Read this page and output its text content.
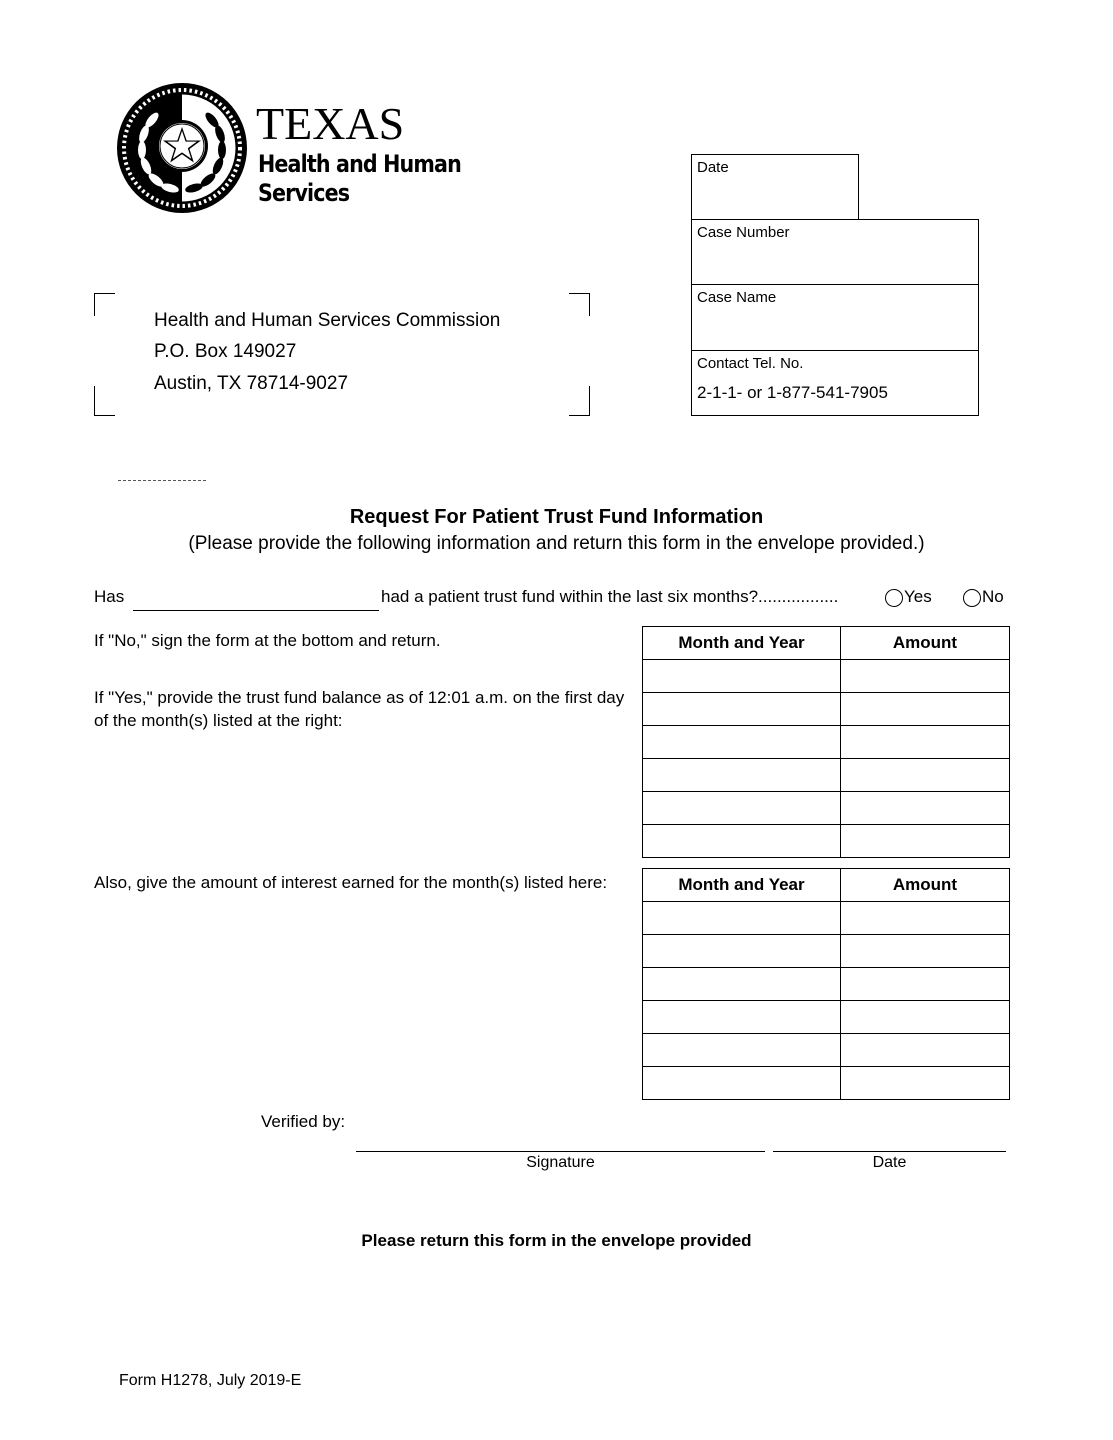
TEXAS
Health and Human
Services
Date
Case Number
Case Name
Contact Tel. No.
2-1-1- or 1-877-541-7905
Health and Human Services Commission
P.O. Box 149027
Austin, TX 78714-9027
Request For Patient Trust Fund Information
(Please provide the following information and return this form in the envelope provided.)
Has	had a patient trust fund within the last six months?.................	Yes	No
If "No," sign the form at the bottom and return.
If "Yes," provide the trust fund balance as of 12:01 a.m. on the first day of the month(s) listed at the right:
Also, give the amount of interest earned for the month(s) listed here:
Month and Year	Amount

Month and Year	Amount

Verified by:
Signature	Date
Please return this form in the envelope provided
Form H1278, July 2019-E
